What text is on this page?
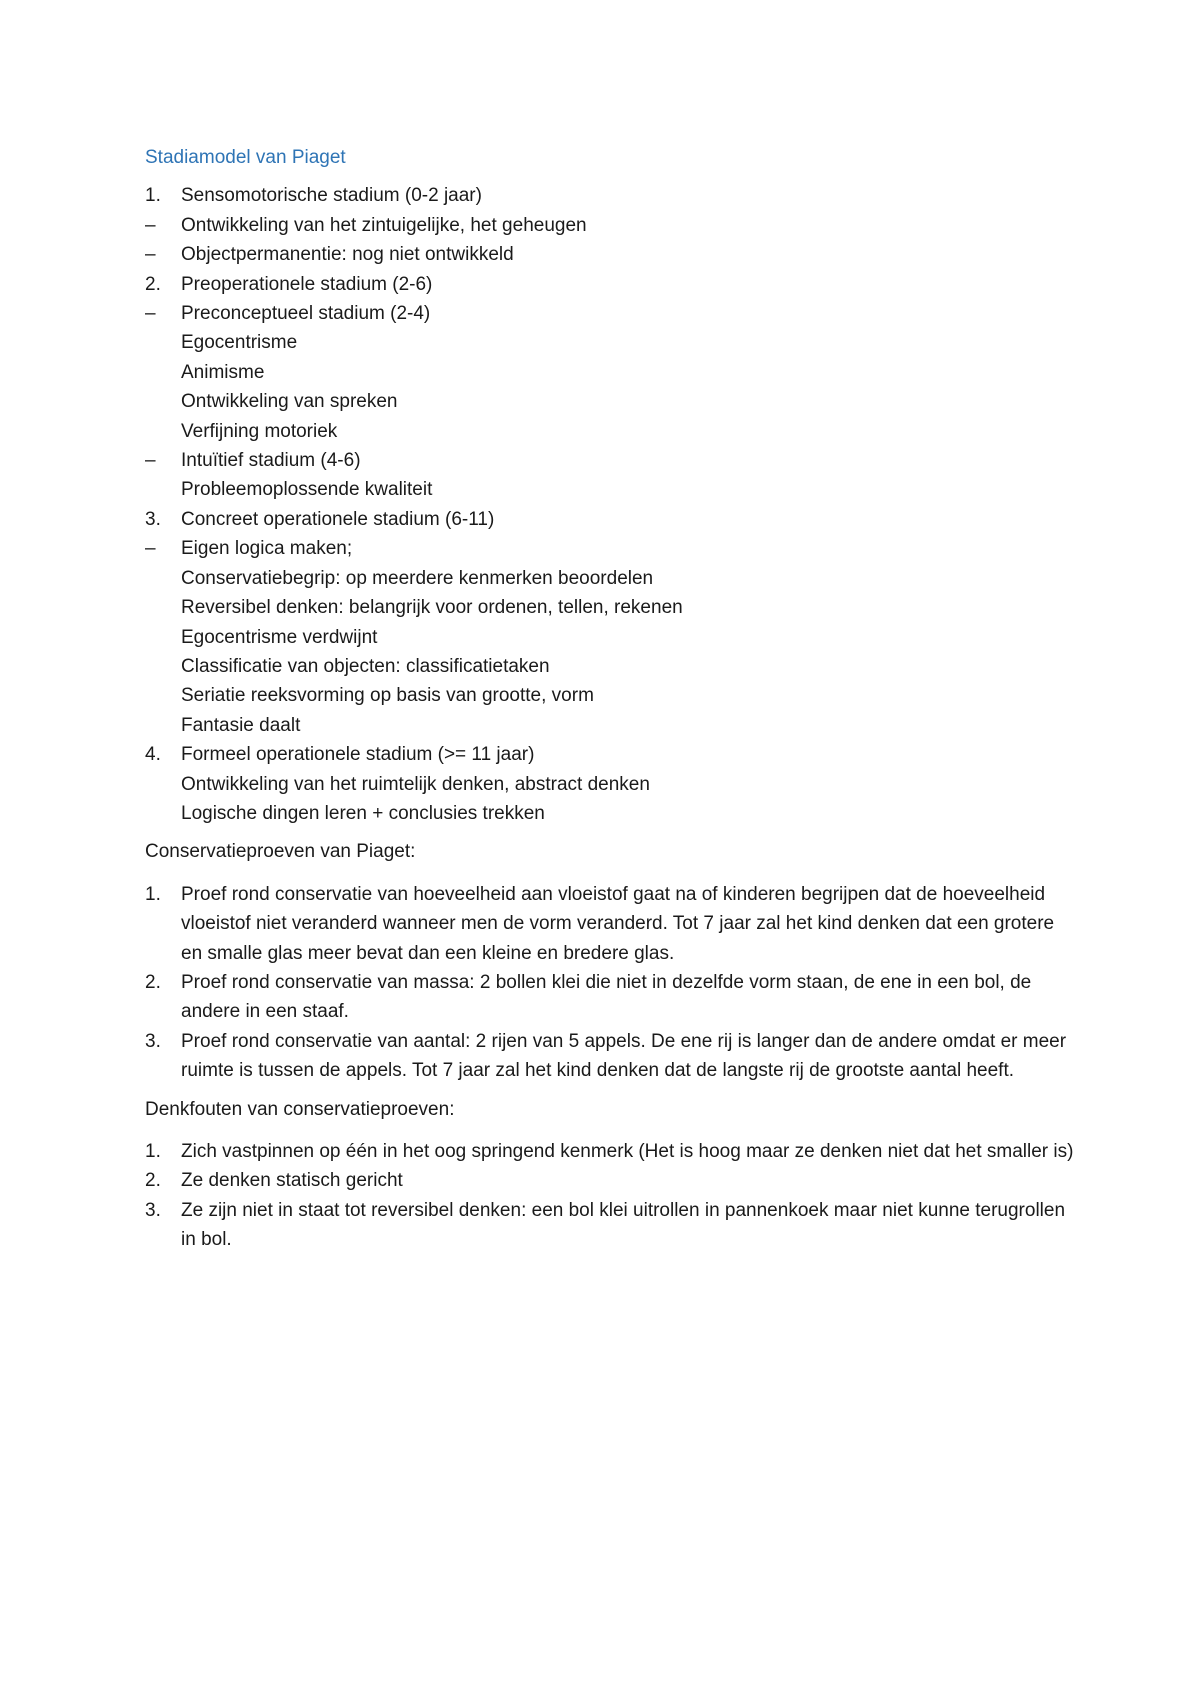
Stadiamodel van Piaget
1.	Sensomotorische stadium (0-2 jaar)
–	Ontwikkeling van het zintuigelijke, het geheugen
–	Objectpermanentie: nog niet ontwikkeld
2.	Preoperationele stadium (2-6)
–	Preconceptueel stadium (2-4)
Egocentrisme
Animisme
Ontwikkeling van spreken
Verfijning motoriek
–	Intuïtief stadium (4-6)
Probleemoplossende kwaliteit
3.	Concreet operationele stadium (6-11)
–	Eigen logica maken;
Conservatiebegrip: op meerdere kenmerken beoordelen
Reversibel denken: belangrijk voor ordenen, tellen, rekenen
Egocentrisme verdwijnt
Classificatie van objecten: classificatietaken
Seriatie reeksvorming op basis van grootte, vorm
Fantasie daalt
4.	Formeel operationele stadium (>= 11 jaar)
Ontwikkeling van het ruimtelijk denken, abstract denken
Logische dingen leren + conclusies trekken
Conservatieproeven van Piaget:
1.	Proef rond conservatie van hoeveelheid aan vloeistof gaat na of kinderen begrijpen dat de hoeveelheid vloeistof niet veranderd wanneer men de vorm veranderd. Tot 7 jaar zal het kind denken dat een grotere en smalle glas meer bevat dan een kleine en bredere glas.
2.	Proef rond conservatie van massa: 2 bollen klei die niet in dezelfde vorm staan, de ene in een bol, de andere in een staaf.
3.	Proef rond conservatie van aantal: 2 rijen van 5 appels. De ene rij is langer dan de andere omdat er meer ruimte is tussen de appels. Tot 7 jaar zal het kind denken dat de langste rij de grootste aantal heeft.
Denkfouten van conservatieproeven:
1.	Zich vastpinnen op één in het oog springend kenmerk (Het is hoog maar ze denken niet dat het smaller is)
2.	Ze denken statisch gericht
3.	Ze zijn niet in staat tot reversibel denken: een bol klei uitrollen in pannenkoek maar niet kunne terugrollen in bol.
